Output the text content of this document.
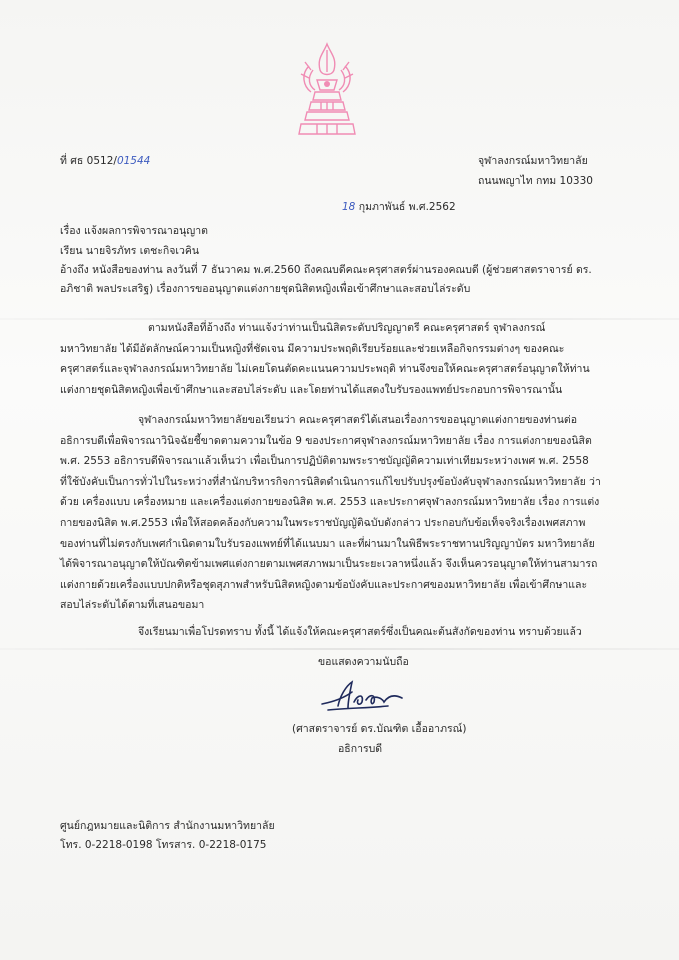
ที่ ศธ 0512/01544	จุฬาลงกรณ์มหาวิทยาลัย
ถนนพญาไท กทม 10330
18 กุมภาพันธ์ พ.ศ.2562
เรื่อง แจ้งผลการพิจารณาอนุญาต
เรียน นายจิรภัทร เตชะกิจเวคิน
อ้างถึง หนังสือของท่าน ลงวันที่ 7 ธันวาคม พ.ศ.2560 ถึงคณบดีคณะครุศาสตร์ผ่านรองคณบดี (ผู้ช่วยศาสตราจารย์ ดร.
อภิชาติ พลประเสริฐ) เรื่องการขออนุญาตแต่งกายชุดนิสิตหญิงเพื่อเข้าศึกษาและสอบไล่ระดับ
ตามหนังสือที่อ้างถึง ท่านแจ้งว่าท่านเป็นนิสิตระดับปริญญาตรี คณะครุศาสตร์ จุฬาลงกรณ์
มหาวิทยาลัย ได้มีอัตลักษณ์ความเป็นหญิงที่ชัดเจน มีความประพฤติเรียบร้อยและช่วยเหลือกิจกรรมต่างๆ ของคณะ
ครุศาสตร์และจุฬาลงกรณ์มหาวิทยาลัย ไม่เคยโดนตัดคะแนนความประพฤติ ท่านจึงขอให้คณะครุศาสตร์อนุญาตให้ท่าน
แต่งกายชุดนิสิตหญิงเพื่อเข้าศึกษาและสอบไล่ระดับ และโดยท่านได้แสดงใบรับรองแพทย์ประกอบการพิจารณานั้น
จุฬาลงกรณ์มหาวิทยาลัยขอเรียนว่า คณะครุศาสตร์ได้เสนอเรื่องการขออนุญาตแต่งกายของท่านต่อ
อธิการบดีเพื่อพิจารณาวินิจฉัยชี้ขาดตามความในข้อ 9 ของประกาศจุฬาลงกรณ์มหาวิทยาลัย เรื่อง การแต่งกายของนิสิต
พ.ศ. 2553 อธิการบดีพิจารณาแล้วเห็นว่า เพื่อเป็นการปฏิบัติตามพระราชบัญญัติความเท่าเทียมระหว่างเพศ พ.ศ. 2558
ที่ใช้บังคับเป็นการทั่วไปในระหว่างที่สำนักบริหารกิจการนิสิตดำเนินการแก้ไขปรับปรุงข้อบังคับจุฬาลงกรณ์มหาวิทยาลัย ว่า
ด้วย เครื่องแบบ เครื่องหมาย และเครื่องแต่งกายของนิสิต พ.ศ. 2553 และประกาศจุฬาลงกรณ์มหาวิทยาลัย เรื่อง การแต่ง
กายของนิสิต พ.ศ.2553 เพื่อให้สอดคล้องกับความในพระราชบัญญัติฉบับดังกล่าว ประกอบกับข้อเท็จจริงเรื่องเพศสภาพ
ของท่านที่ไม่ตรงกับเพศกำเนิดตามใบรับรองแพทย์ที่ได้แนบมา และที่ผ่านมาในพิธีพระราชทานปริญญาบัตร มหาวิทยาลัย
ได้พิจารณาอนุญาตให้บัณฑิตข้ามเพศแต่งกายตามเพศสภาพมาเป็นระยะเวลาหนึ่งแล้ว จึงเห็นควรอนุญาตให้ท่านสามารถ
แต่งกายด้วยเครื่องแบบปกติหรือชุดสุภาพสำหรับนิสิตหญิงตามข้อบังคับและประกาศของมหาวิทยาลัย เพื่อเข้าศึกษาและ
สอบไล่ระดับได้ตามที่เสนอขอมา
จึงเรียนมาเพื่อโปรดทราบ ทั้งนี้ ได้แจ้งให้คณะครุศาสตร์ซึ่งเป็นคณะต้นสังกัดของท่าน ทราบด้วยแล้ว
ขอแสดงความนับถือ
(ศาสตราจารย์ ดร.บัณฑิต เอื้ออาภรณ์)
อธิการบดี
ศูนย์กฎหมายและนิติการ สำนักงานมหาวิทยาลัย
โทร. 0-2218-0198 โทรสาร. 0-2218-0175
